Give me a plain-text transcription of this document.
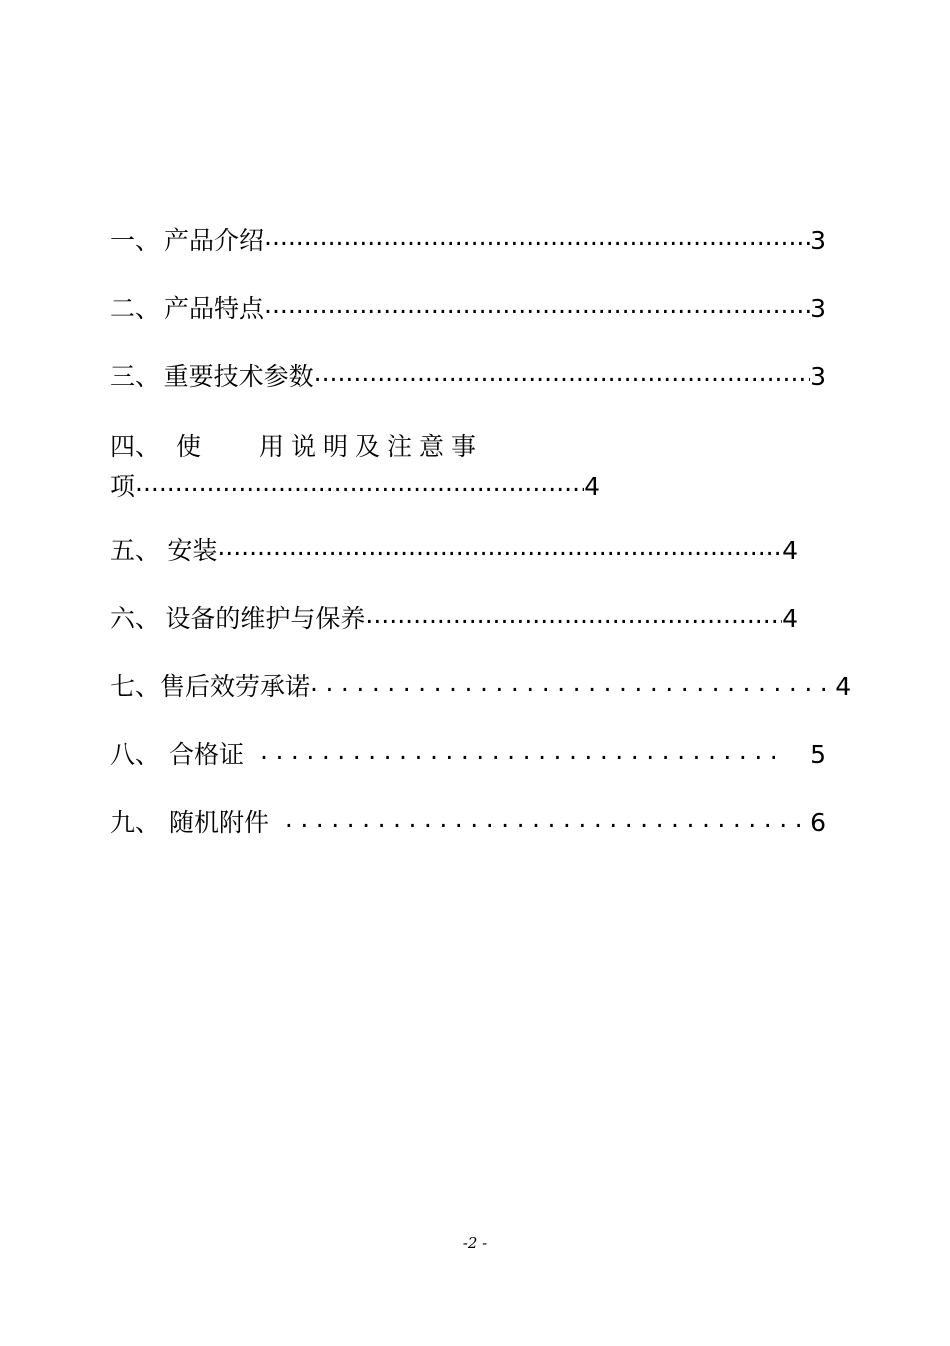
一、 产品介绍 .....	3
二、 产品特点 .....	3
三、 重要技术参数 .....	3
四、 使 用说明及注意事
项 .....	4
五、 安装 .....	4
六、 设备的维护与保养 .....	4
七、 售后效劳承诺 .................................. 4
八、 合格证 .................................. 5
九、 随机附件 .................................. 6
-2 -
